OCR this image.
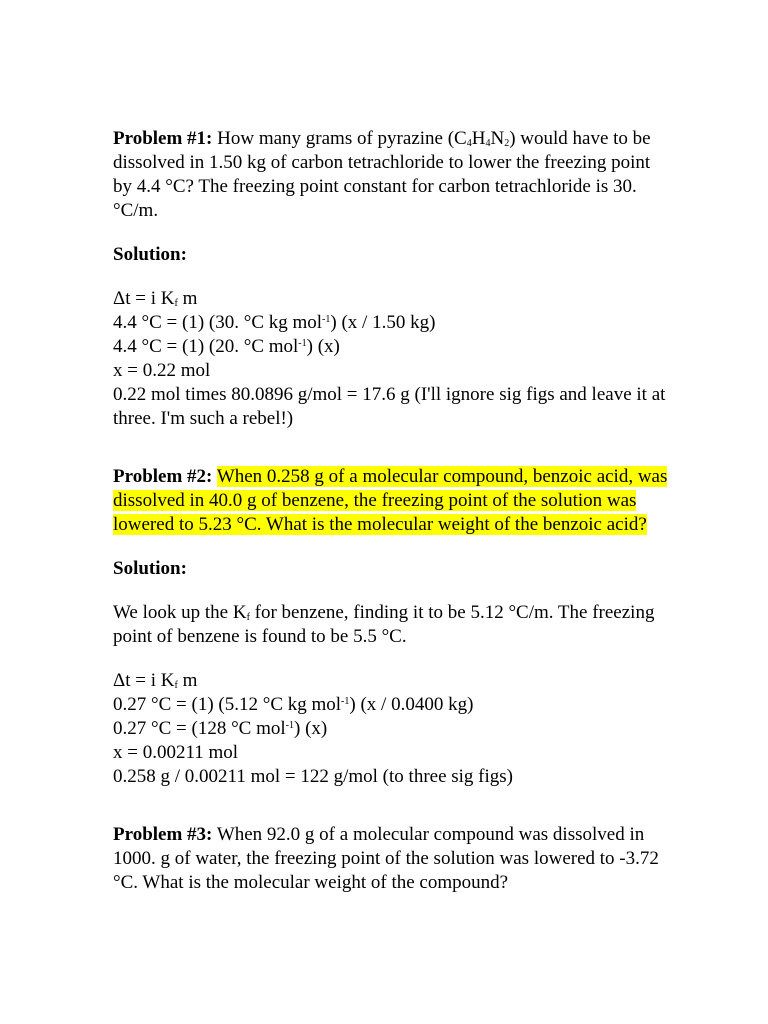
Problem #1: How many grams of pyrazine $(C_4H_4N_2)$ would have to be dissolved in 1.50 kg of carbon tetrachloride to lower the freezing point by 4.4 °C? The freezing point constant for carbon tetrachloride is 30. °C/m.

Solution:

Δt = i $K_f$ m
4.4 °C = (1) (30. °C kg mol$^{-1}$) (x / 1.50 kg)
4.4 °C = (1) (20. °C mol$^{-1}$) (x)
x = 0.22 mol
0.22 mol times 80.0896 g/mol = 17.6 g (I'll ignore sig figs and leave it at three. I'm such a rebel!)

Problem #2: When 0.258 g of a molecular compound, benzoic acid, was dissolved in 40.0 g of benzene, the freezing point of the solution was lowered to 5.23 °C. What is the molecular weight of the benzoic acid?

Solution:

We look up the $K_f$ for benzene, finding it to be 5.12 °C/m. The freezing point of benzene is found to be 5.5 °C.

Δt = i $K_f$ m
0.27 °C = (1) (5.12 °C kg mol$^{-1}$) (x / 0.0400 kg)
0.27 °C = (128 °C mol$^{-1}$) (x)
x = 0.00211 mol
0.258 g / 0.00211 mol = 122 g/mol (to three sig figs)

Problem #3: When 92.0 g of a molecular compound was dissolved in 1000. g of water, the freezing point of the solution was lowered to -3.72 °C. What is the molecular weight of the compound?
